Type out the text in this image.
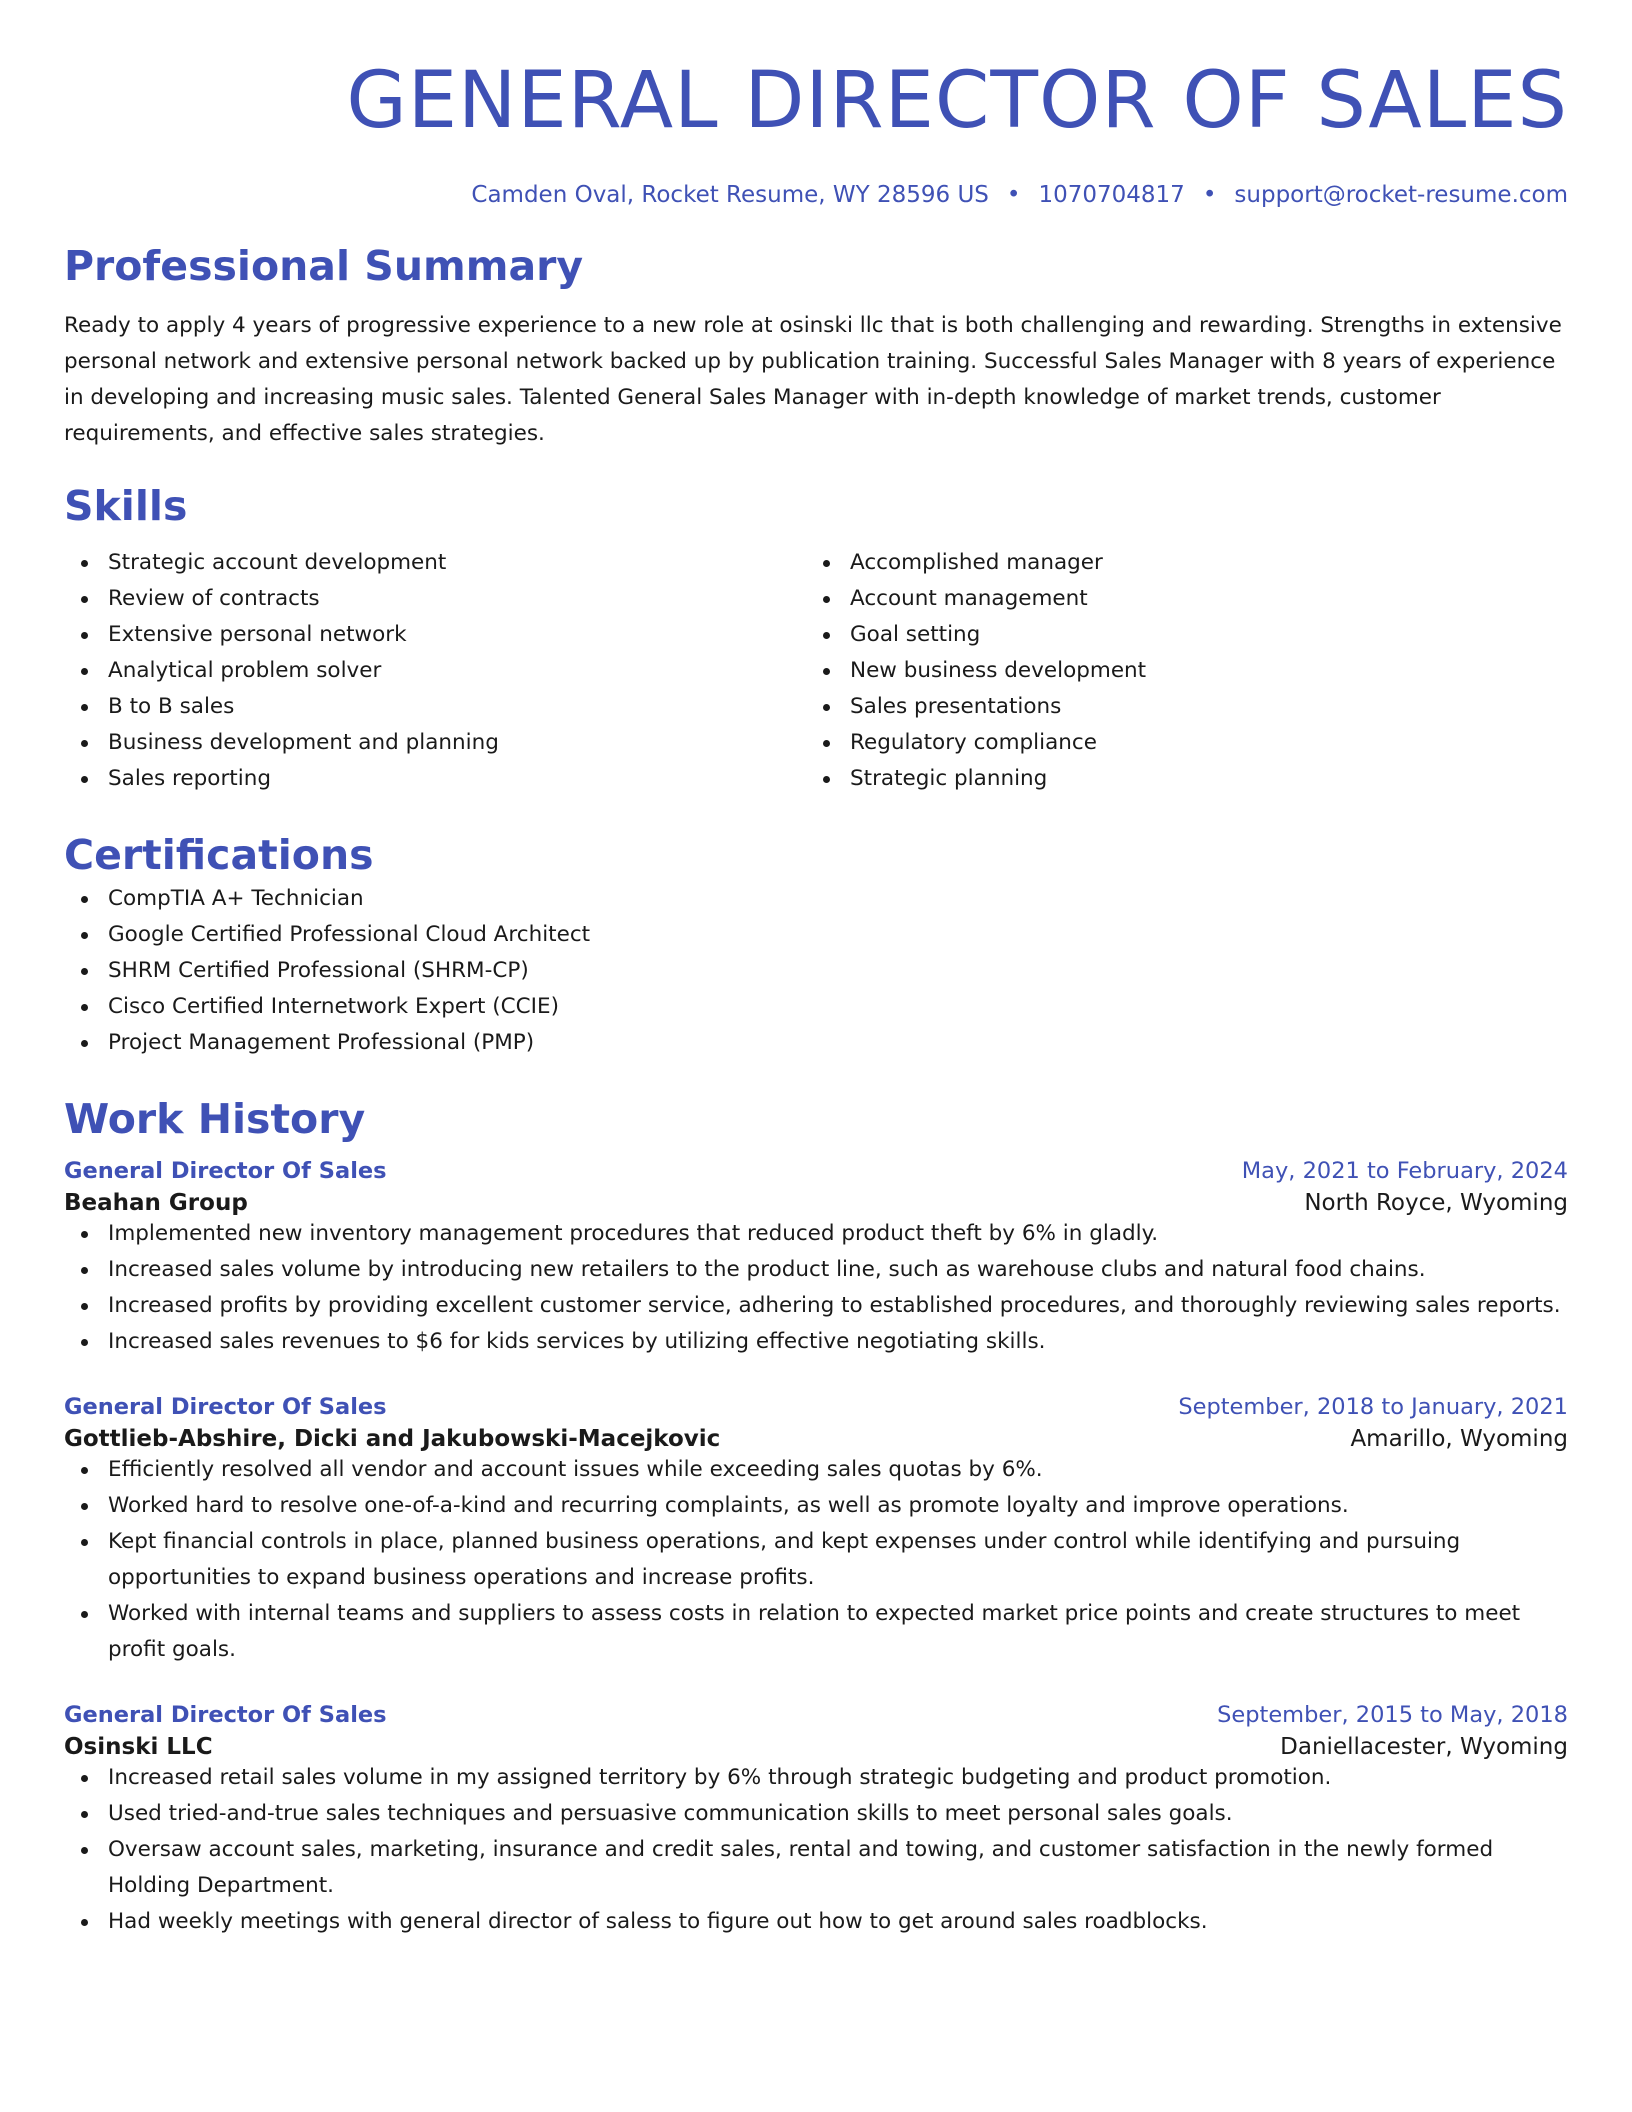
GENERAL DIRECTOR OF SALES
Camden Oval, Rocket Resume, WY 28596 US • 1070704817 • support@rocket-resume.com
Professional Summary
Ready to apply 4 years of progressive experience to a new role at osinski llc that is both challenging and rewarding. Strengths in extensive personal network and extensive personal network backed up by publication training. Successful Sales Manager with 8 years of experience in developing and increasing music sales. Talented General Sales Manager with in-depth knowledge of market trends, customer requirements, and effective sales strategies.
Skills
Strategic account development
Review of contracts
Extensive personal network
Analytical problem solver
B to B sales
Business development and planning
Sales reporting
Accomplished manager
Account management
Goal setting
New business development
Sales presentations
Regulatory compliance
Strategic planning
Certifications
CompTIA A+ Technician
Google Certified Professional Cloud Architect
SHRM Certified Professional (SHRM-CP)
Cisco Certified Internetwork Expert (CCIE)
Project Management Professional (PMP)
Work History
General Director Of Sales	May, 2021 to February, 2024
Beahan Group	North Royce, Wyoming
Implemented new inventory management procedures that reduced product theft by 6% in gladly.
Increased sales volume by introducing new retailers to the product line, such as warehouse clubs and natural food chains.
Increased profits by providing excellent customer service, adhering to established procedures, and thoroughly reviewing sales reports.
Increased sales revenues to $6 for kids services by utilizing effective negotiating skills.
General Director Of Sales	September, 2018 to January, 2021
Gottlieb-Abshire, Dicki and Jakubowski-Macejkovic	Amarillo, Wyoming
Efficiently resolved all vendor and account issues while exceeding sales quotas by 6%.
Worked hard to resolve one-of-a-kind and recurring complaints, as well as promote loyalty and improve operations.
Kept financial controls in place, planned business operations, and kept expenses under control while identifying and pursuing opportunities to expand business operations and increase profits.
Worked with internal teams and suppliers to assess costs in relation to expected market price points and create structures to meet profit goals.
General Director Of Sales	September, 2015 to May, 2018
Osinski LLC	Daniellacester, Wyoming
Increased retail sales volume in my assigned territory by 6% through strategic budgeting and product promotion.
Used tried-and-true sales techniques and persuasive communication skills to meet personal sales goals.
Oversaw account sales, marketing, insurance and credit sales, rental and towing, and customer satisfaction in the newly formed Holding Department.
Had weekly meetings with general director of saless to figure out how to get around sales roadblocks.
